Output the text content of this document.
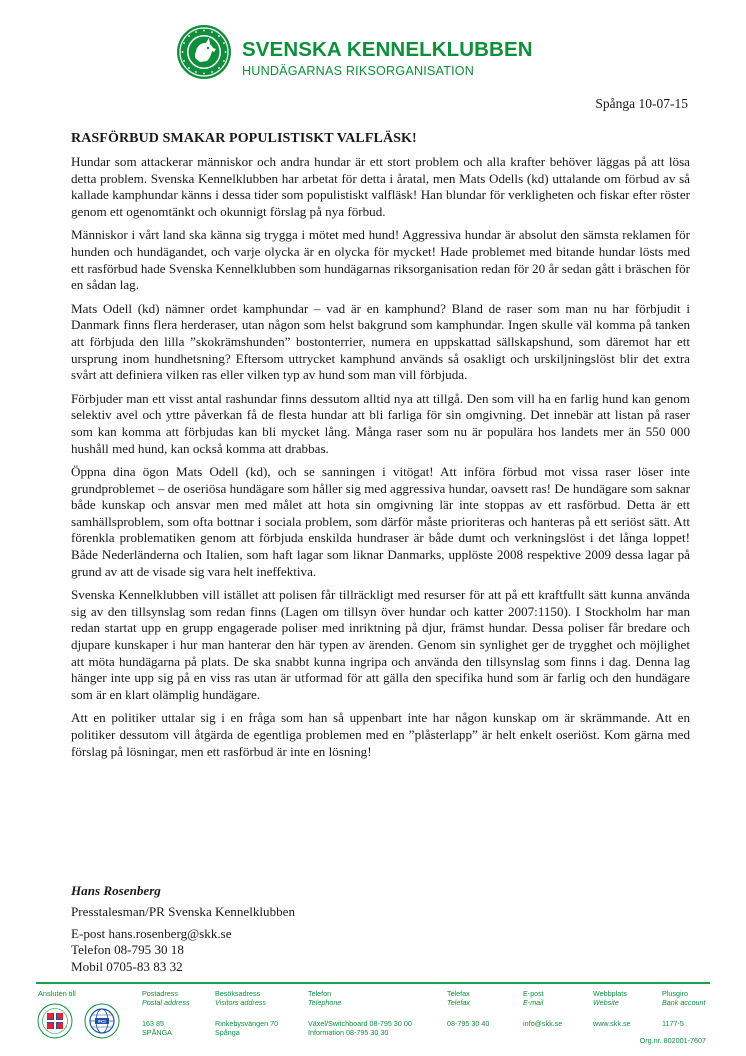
SVENSKA KENNELKLUBBEN
HUNDÄGARNAS RIKSORGANISATION
Spånga 10-07-15
RASFÖRBUD SMAKAR POPULISTISKT VALFLÄSK!

Hundar som attackerar människor och andra hundar är ett stort problem och alla krafter behöver läggas på att lösa detta problem. Svenska Kennelklubben har arbetat för detta i åratal, men Mats Odells (kd) uttalande om förbud av så kallade kamphundar känns i dessa tider som populistiskt valfläsk! Han blundar för verkligheten och fiskar efter röster genom ett ogenomtänkt och okunnigt förslag på nya förbud.

Människor i vårt land ska känna sig trygga i mötet med hund! Aggressiva hundar är absolut den sämsta reklamen för hunden och hundägandet, och varje olycka är en olycka för mycket! Hade problemet med bitande hundar lösts med ett rasförbud hade Svenska Kennelklubben som hundägarnas riksorganisation redan för 20 år sedan gått i bräschen för en sådan lag.

Mats Odell (kd) nämner ordet kamphundar – vad är en kamphund? Bland de raser som man nu har förbjudit i Danmark finns flera herderaser, utan någon som helst bakgrund som kamphundar. Ingen skulle väl komma på tanken att förbjuda den lilla ”skokrämshunden” bostonterrier, numera en uppskattad sällskapshund, som däremot har ett ursprung inom hundhetsning? Eftersom uttrycket kamphund används så osakligt och urskiljningslöst blir det extra svårt att definiera vilken ras eller vilken typ av hund som man vill förbjuda.

Förbjuder man ett visst antal rashundar finns dessutom alltid nya att tillgå. Den som vill ha en farlig hund kan genom selektiv avel och yttre påverkan få de flesta hundar att bli farliga för sin omgivning. Det innebär att listan på raser som kan komma att förbjudas kan bli mycket lång. Många raser som nu är populära hos landets mer än 550 000 hushåll med hund, kan också komma att drabbas.

Öppna dina ögon Mats Odell (kd), och se sanningen i vitögat! Att införa förbud mot vissa raser löser inte grundproblemet – de oseriösa hundägare som håller sig med aggressiva hundar, oavsett ras! De hundägare som saknar både kunskap och ansvar men med målet att hota sin omgivning lär inte stoppas av ett rasförbud. Detta är ett samhällsproblem, som ofta bottnar i sociala problem, som därför måste prioriteras och hanteras på ett seriöst sätt. Att förenkla problematiken genom att förbjuda enskilda hundraser är både dumt och verkningslöst i det långa loppet! Både Nederländerna och Italien, som haft lagar som liknar Danmarks, upplöste 2008 respektive 2009 dessa lagar på grund av att de visade sig vara helt ineffektiva.

Svenska Kennelklubben vill istället att polisen får tillräckligt med resurser för att på ett kraftfullt sätt kunna använda sig av den tillsynslag som redan finns (Lagen om tillsyn över hundar och katter 2007:1150). I Stockholm har man redan startat upp en grupp engagerade poliser med inriktning på djur, främst hundar. Dessa poliser får bredare och djupare kunskaper i hur man hanterar den här typen av ärenden. Genom sin synlighet ger de trygghet och möjlighet att möta hundägarna på plats. De ska snabbt kunna ingripa och använda den tillsynslag som finns i dag. Denna lag hänger inte upp sig på en viss ras utan är utformad för att gälla den specifika hund som är farlig och den hundägare som är en klart olämplig hundägare.

Att en politiker uttalar sig i en fråga som han så uppenbart inte har någon kunskap om är skrämmande. Att en politiker dessutom vill åtgärda de egentliga problemen med en ”plåsterlapp” är helt enkelt oseriöst. Kom gärna med förslag på lösningar, men ett rasförbud är inte en lösning!

Hans Rosenberg
Presstalesman/PR Svenska Kennelklubben
E-post hans.rosenberg@skk.se
Telefon 08-795 30 18
Mobil 0705-83 83 32
Ansluten till
FCI
Postadress
Postal address
163 85
SPÅNGA
Besöksadress
Visitors address
Rinkebysvängen 70
Spånga
Telefon
Telephone
Växel/Switchboard 08-795 30 00
Information 08-795 30 30
Telefax
Telefax
08-795 30 40
E-post
E-mail
info@skk.se
Webbplats
Website
www.skk.se
Plusgiro
Bank account
1177-5
Org.nr. 802001-7607
